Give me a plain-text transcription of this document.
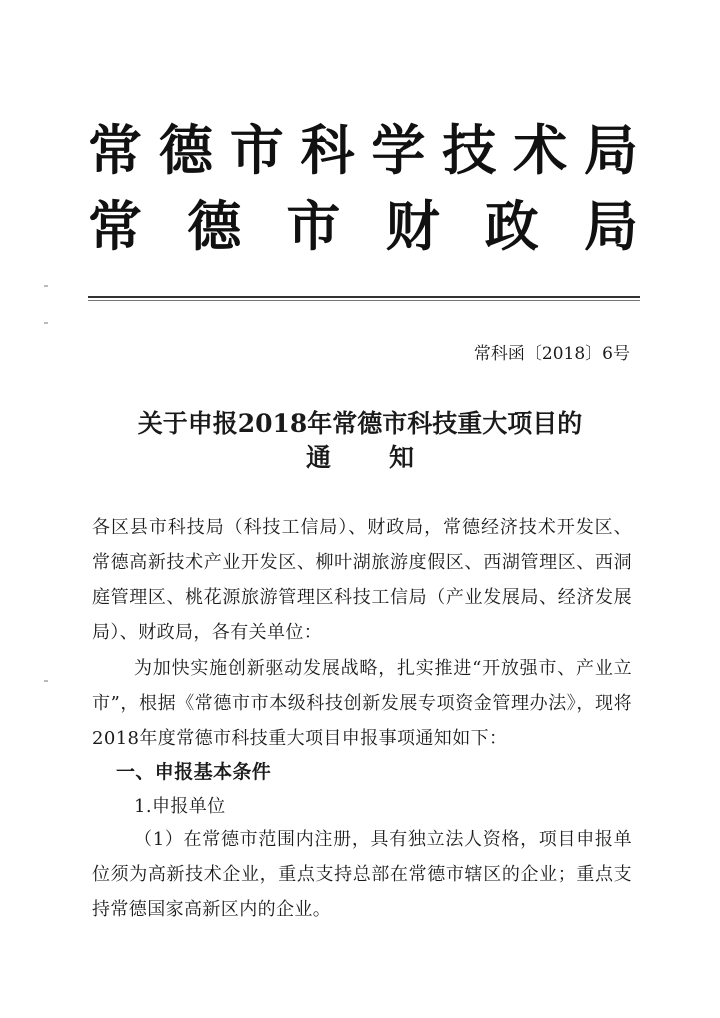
常 德 市 科 学 技 术 局
常 德 市 财 政 局
常科函〔2018〕6号
关于申报2018年常德市科技重大项目的
通知
各区县市科技局（科技工信局）、财政局，常德经济技术开发区、常德高新技术产业开发区、柳叶湖旅游度假区、西湖管理区、西洞庭管理区、桃花源旅游管理区科技工信局（产业发展局、经济发展局）、财政局，各有关单位：
为加快实施创新驱动发展战略，扎实推进“开放强市、产业立市”，根据《常德市市本级科技创新发展专项资金管理办法》，现将2018年度常德市科技重大项目申报事项通知如下：
一、申报基本条件
1.申报单位
（1）在常德市范围内注册，具有独立法人资格，项目申报单位须为高新技术企业，重点支持总部在常德市辖区的企业；重点支持常德国家高新区内的企业。
